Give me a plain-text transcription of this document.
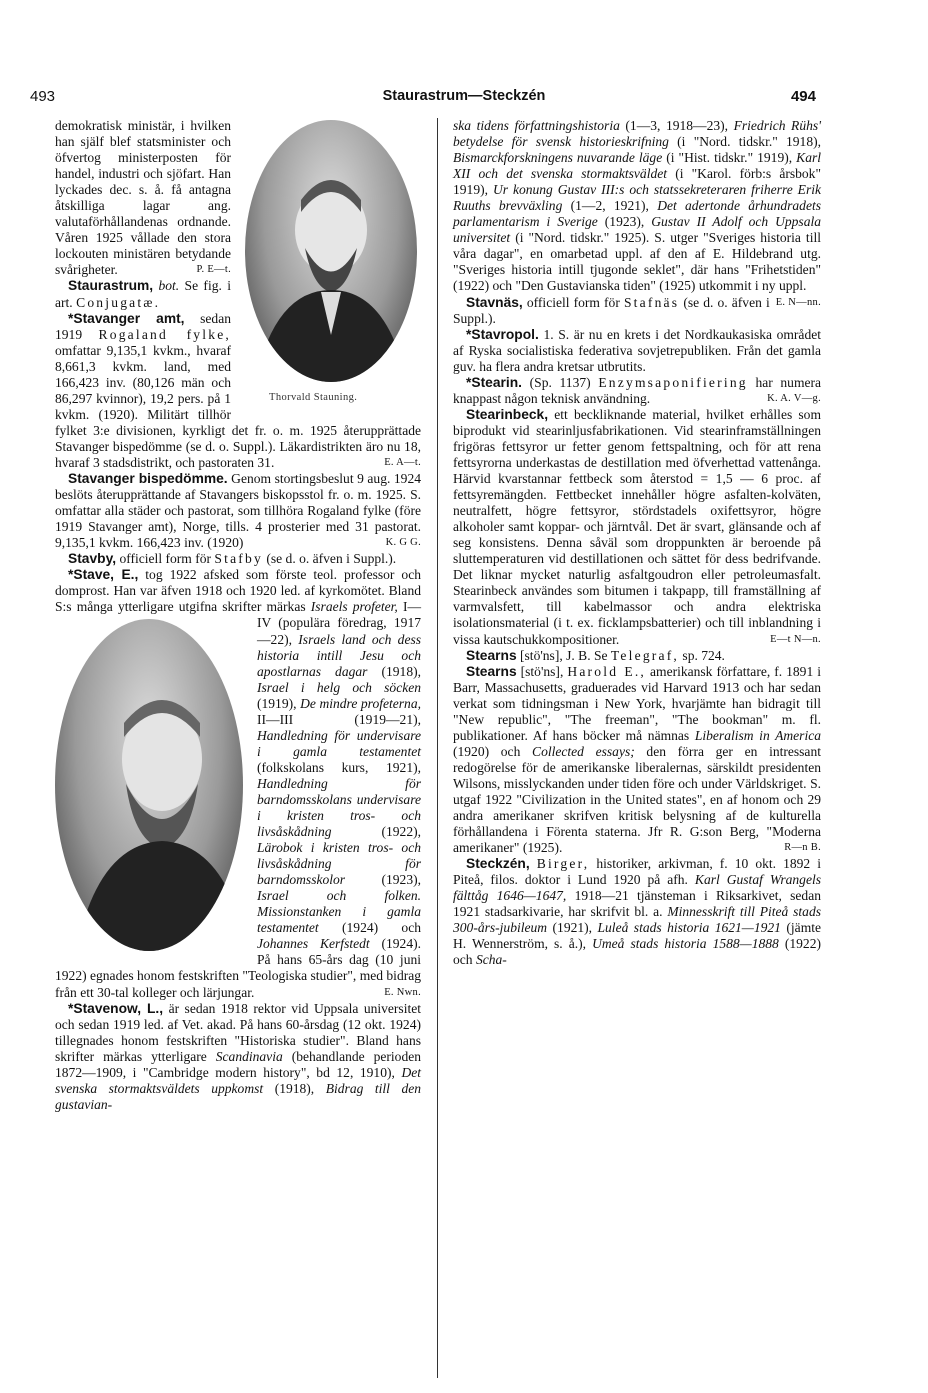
493	Staurastrum—Steckzén	494
Thorvald Stauning.

demokratisk ministär, i hvilken han själf blef statsminister och öfvertog ministerposten för handel, industri och sjöfart. Han lyckades dec. s. å. få antagna åtskilliga lagar ang. valutaförhållandenas ordnande. Våren 1925 vållade den stora lockouten ministären betydande svårigheter.	P. E—t.

Staurastrum, bot. Se fig. i art. Conjugatæ.

*Stavanger amt, sedan 1919 Rogaland fylke, omfattar 9,135,1 kvkm., hvaraf 8,661,3 kvkm. land, med 166,423 inv. (80,126 män och 86,297 kvinnor), 19,2 pers. på 1 kvkm. (1920). Militärt tillhör fylket 3:e divisionen, kyrkligt det fr. o. m. 1925 återupprättade Stavanger bispedömme (se d. o. Suppl.). Läkardistrikten äro nu 18, hvaraf 3 stadsdistrikt, och pastoraten 31.	E. A—t.

Stavanger bispedömme. Genom stortingsbeslut 9 aug. 1924 beslöts återupprättande af Stavangers biskopsstol fr. o. m. 1925. S. omfattar alla städer och pastorat, som tillhöra Rogaland fylke (före 1919 Stavanger amt), Norge, tills. 4 prosterier med 31 pastorat. 9,135,1 kvkm. 166,423 inv. (1920)	K. G G.

Stavby, officiell form för Stafby (se d. o. äfven i Suppl.).

*Stave, E., tog 1922 afsked som förste teol. professor och domprost. Han var äfven 1918 och 1920 led. af kyrkomötet. Bland S:s många ytterligare utgifna skrifter märkas Israels profeter, I—IV (populära föredrag, 1917—22), Israels land och dess historia intill Jesu och apostlarnas dagar (1918), Israel i helg och söcken (1919), De mindre profeterna, II—III (1919—21), Handledning för undervisare i gamla testamentet (folkskolans kurs, 1921), Handledning för barndomsskolans undervisare i kristen tros- och livsåskådning	(1922), Lärobok i kristen tros- och livsåskådning för barndomsskolor	(1923), Israel och folken. Missionstanken i gamla testamentet (1924) och Johannes Kerfstedt (1924). På hans 65-års dag (10 juni 1922) egnades honom festskriften "Teologiska studier", med bidrag från ett 30-tal kolleger och lärjungar.	E. Nwn.

*Stavenow, L., är sedan 1918 rektor vid Uppsala universitet och sedan 1919 led. af Vet. akad. På hans 60-årsdag (12 okt. 1924) tillegnades honom festskriften "Historiska studier". Bland hans skrifter märkas ytterligare Scandinavia (behandlande perioden 1872—1909, i "Cambridge modern history", bd 12, 1910), Det svenska stormaktsväldets uppkomst (1918), Bidrag till den gustavian-

ska tidens författningshistoria (1—3, 1918—23), Friedrich Rühs' betydelse för svensk historieskrifning (i "Nord. tidskr." 1918), Bismarckforskningens nuvarande läge (i "Hist. tidskr." 1919), Karl XII och det svenska stormaktsväldet (i "Karol. förb:s årsbok" 1919), Ur konung Gustav III:s och statssekreteraren friherre Erik Ruuths brevväxling (1—2, 1921), Det adertonde århundradets parlamentarism i Sverige (1923), Gustav II Adolf och Uppsala universitet (i "Nord. tidskr." 1925). S. utger "Sveriges historia till våra dagar", en omarbetad uppl. af den af E. Hildebrand utg. "Sveriges historia intill tjugonde seklet", där hans "Frihetstiden" (1922) och "Den Gustavianska tiden" (1925) utkommit i ny uppl.
E. N—nn.

Stavnäs, officiell form för Stafnäs (se d. o. äfven i Suppl.).

*Stavropol. 1. S. är nu en krets i det Nordkaukasiska området af Ryska socialistiska federativa sovjetrepubliken. Från det gamla guv. ha flera andra kretsar utbrutits.

*Stearin. (Sp. 1137) Enzymsaponifiering har numera knappast någon teknisk användning.	K. A. V—g.

Stearinbeck, ett beckliknande material, hvilket erhålles som biprodukt vid stearinljusfabrikationen. Vid stearinframställningen frigöras fettsyror ur fetter genom fettspaltning, och för att rena fettsyrorna underkastas de destillation med öfverhettad vattenånga. Härvid kvarstannar fettbeck som återstod = 1,5 — 6 proc. af fettsyremängden. Fettbecket innehåller högre asfalten-kolväten, neutralfett, högre fettsyror, stördstadels oxifettsyror, högre alkoholer samt koppar- och järntvål. Det är svart, glänsande och af seg konsistens. Denna såväl som droppunkten är beroende på sluttemperaturen vid destillationen och sättet för dess bedrifvande. Det liknar mycket naturlig asfaltgoudron eller petroleumasfalt. Stearinbeck användes som bitumen i takpapp, till framställning af varmvalsfett, till kabelmassor och andra elektriska isolationsmaterial (i t. ex. ficklampsbatterier) och till inblandning i vissa kautschukkompositioner.	E—t N—n.

Stearns [stö'ns], J. B. Se Telegraf, sp. 724.

Stearns [stö'ns], Harold E., amerikansk författare, f. 1891 i Barr, Massachusetts, graduerades vid Harvard 1913 och har sedan verkat som tidningsman i New York, hvarjämte han bidragit till "New republic", "The freeman", "The bookman" m. fl. publikationer. Af hans böcker må nämnas Liberalism in America (1920) och Collected essays; den förra ger en intressant redogörelse för de amerikanske liberalernas, särskildt presidenten Wilsons, misslyckanden under tiden före och under Världskriget. S. utgaf 1922 "Civilization in the United states", en af honom och 29 andra amerikaner skrifven kritisk belysning af de kulturella förhållandena i Förenta staterna. Jfr R. G:son Berg, "Moderna amerikaner" (1925).	R—n B.

Steckzén, Birger, historiker, arkivman, f. 10 okt. 1892 i Piteå, filos. doktor i Lund 1920 på afh. Karl Gustaf Wrangels fälttåg 1646—1647, 1918—21 tjänsteman i Riksarkivet, sedan 1921 stadsarkivarie, har skrifvit bl. a. Minnesskrift till Piteå stads 300-års-jubileum (1921), Luleå stads historia 1621—1921 (jämte H. Wennerström, s. å.), Umeå stads historia 1588—1888 (1922) och Scha-
